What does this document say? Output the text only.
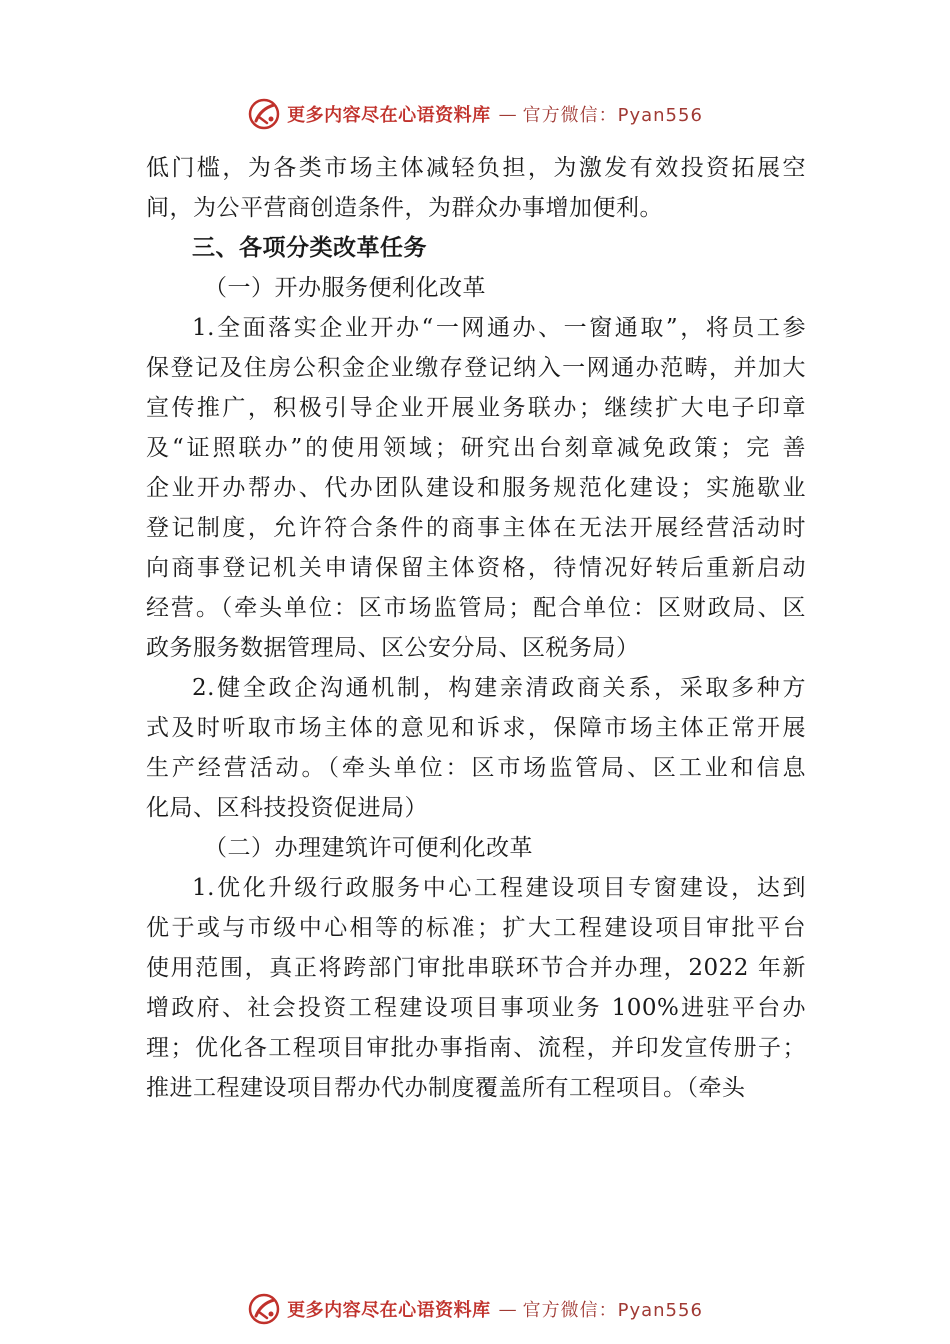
更多内容尽在心语资料库 — 官方微信：Pyan556
低门槛，为各类市场主体减轻负担，为激发有效投资拓展空
间，为公平营商创造条件，为群众办事增加便利。
三、各项分类改革任务
（一）开办服务便利化改革
1.全面落实企业开办“一网通办、一窗通取”，将员工参
保登记及住房公积金企业缴存登记纳入一网通办范畴，并加大
宣传推广，积极引导企业开展业务联办；继续扩大电子印章
及“证照联办”的使用领域；研究出台刻章减免政策；完 善
企业开办帮办、代办团队建设和服务规范化建设；实施歇业
登记制度，允许符合条件的商事主体在无法开展经营活动时
向商事登记机关申请保留主体资格，待情况好转后重新启动
经营。（牵头单位：区市场监管局；配合单位：区财政局、区
政务服务数据管理局、区公安分局、区税务局）
2.健全政企沟通机制，构建亲清政商关系，采取多种方
式及时听取市场主体的意见和诉求，保障市场主体正常开展
生产经营活动。（牵头单位：区市场监管局、区工业和信息
化局、区科技投资促进局）
（二）办理建筑许可便利化改革
1.优化升级行政服务中心工程建设项目专窗建设，达到
优于或与市级中心相等的标准；扩大工程建设项目审批平台
使用范围，真正将跨部门审批串联环节合并办理，2022 年新
增政府、社会投资工程建设项目事项业务 100%进驻平台办
理；优化各工程项目审批办事指南、流程，并印发宣传册子；
推进工程建设项目帮办代办制度覆盖所有工程项目。（牵头
更多内容尽在心语资料库 — 官方微信：Pyan556
